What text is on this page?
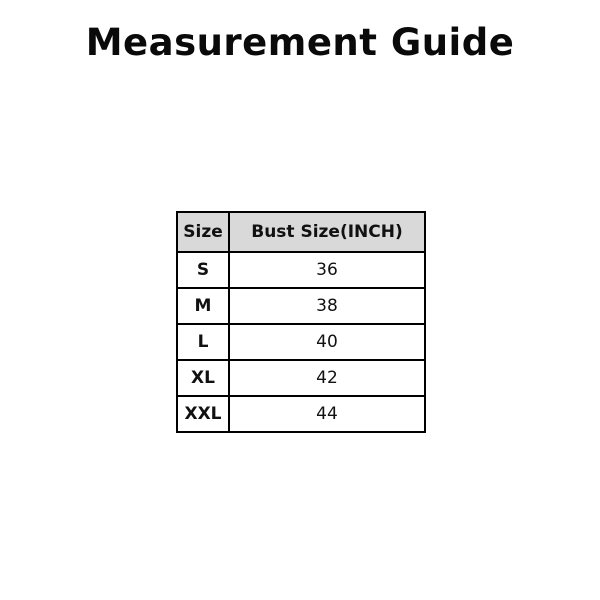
Measurement Guide
Size	Bust Size(INCH)
S	36
M	38
L	40
XL	42
XXL	44
